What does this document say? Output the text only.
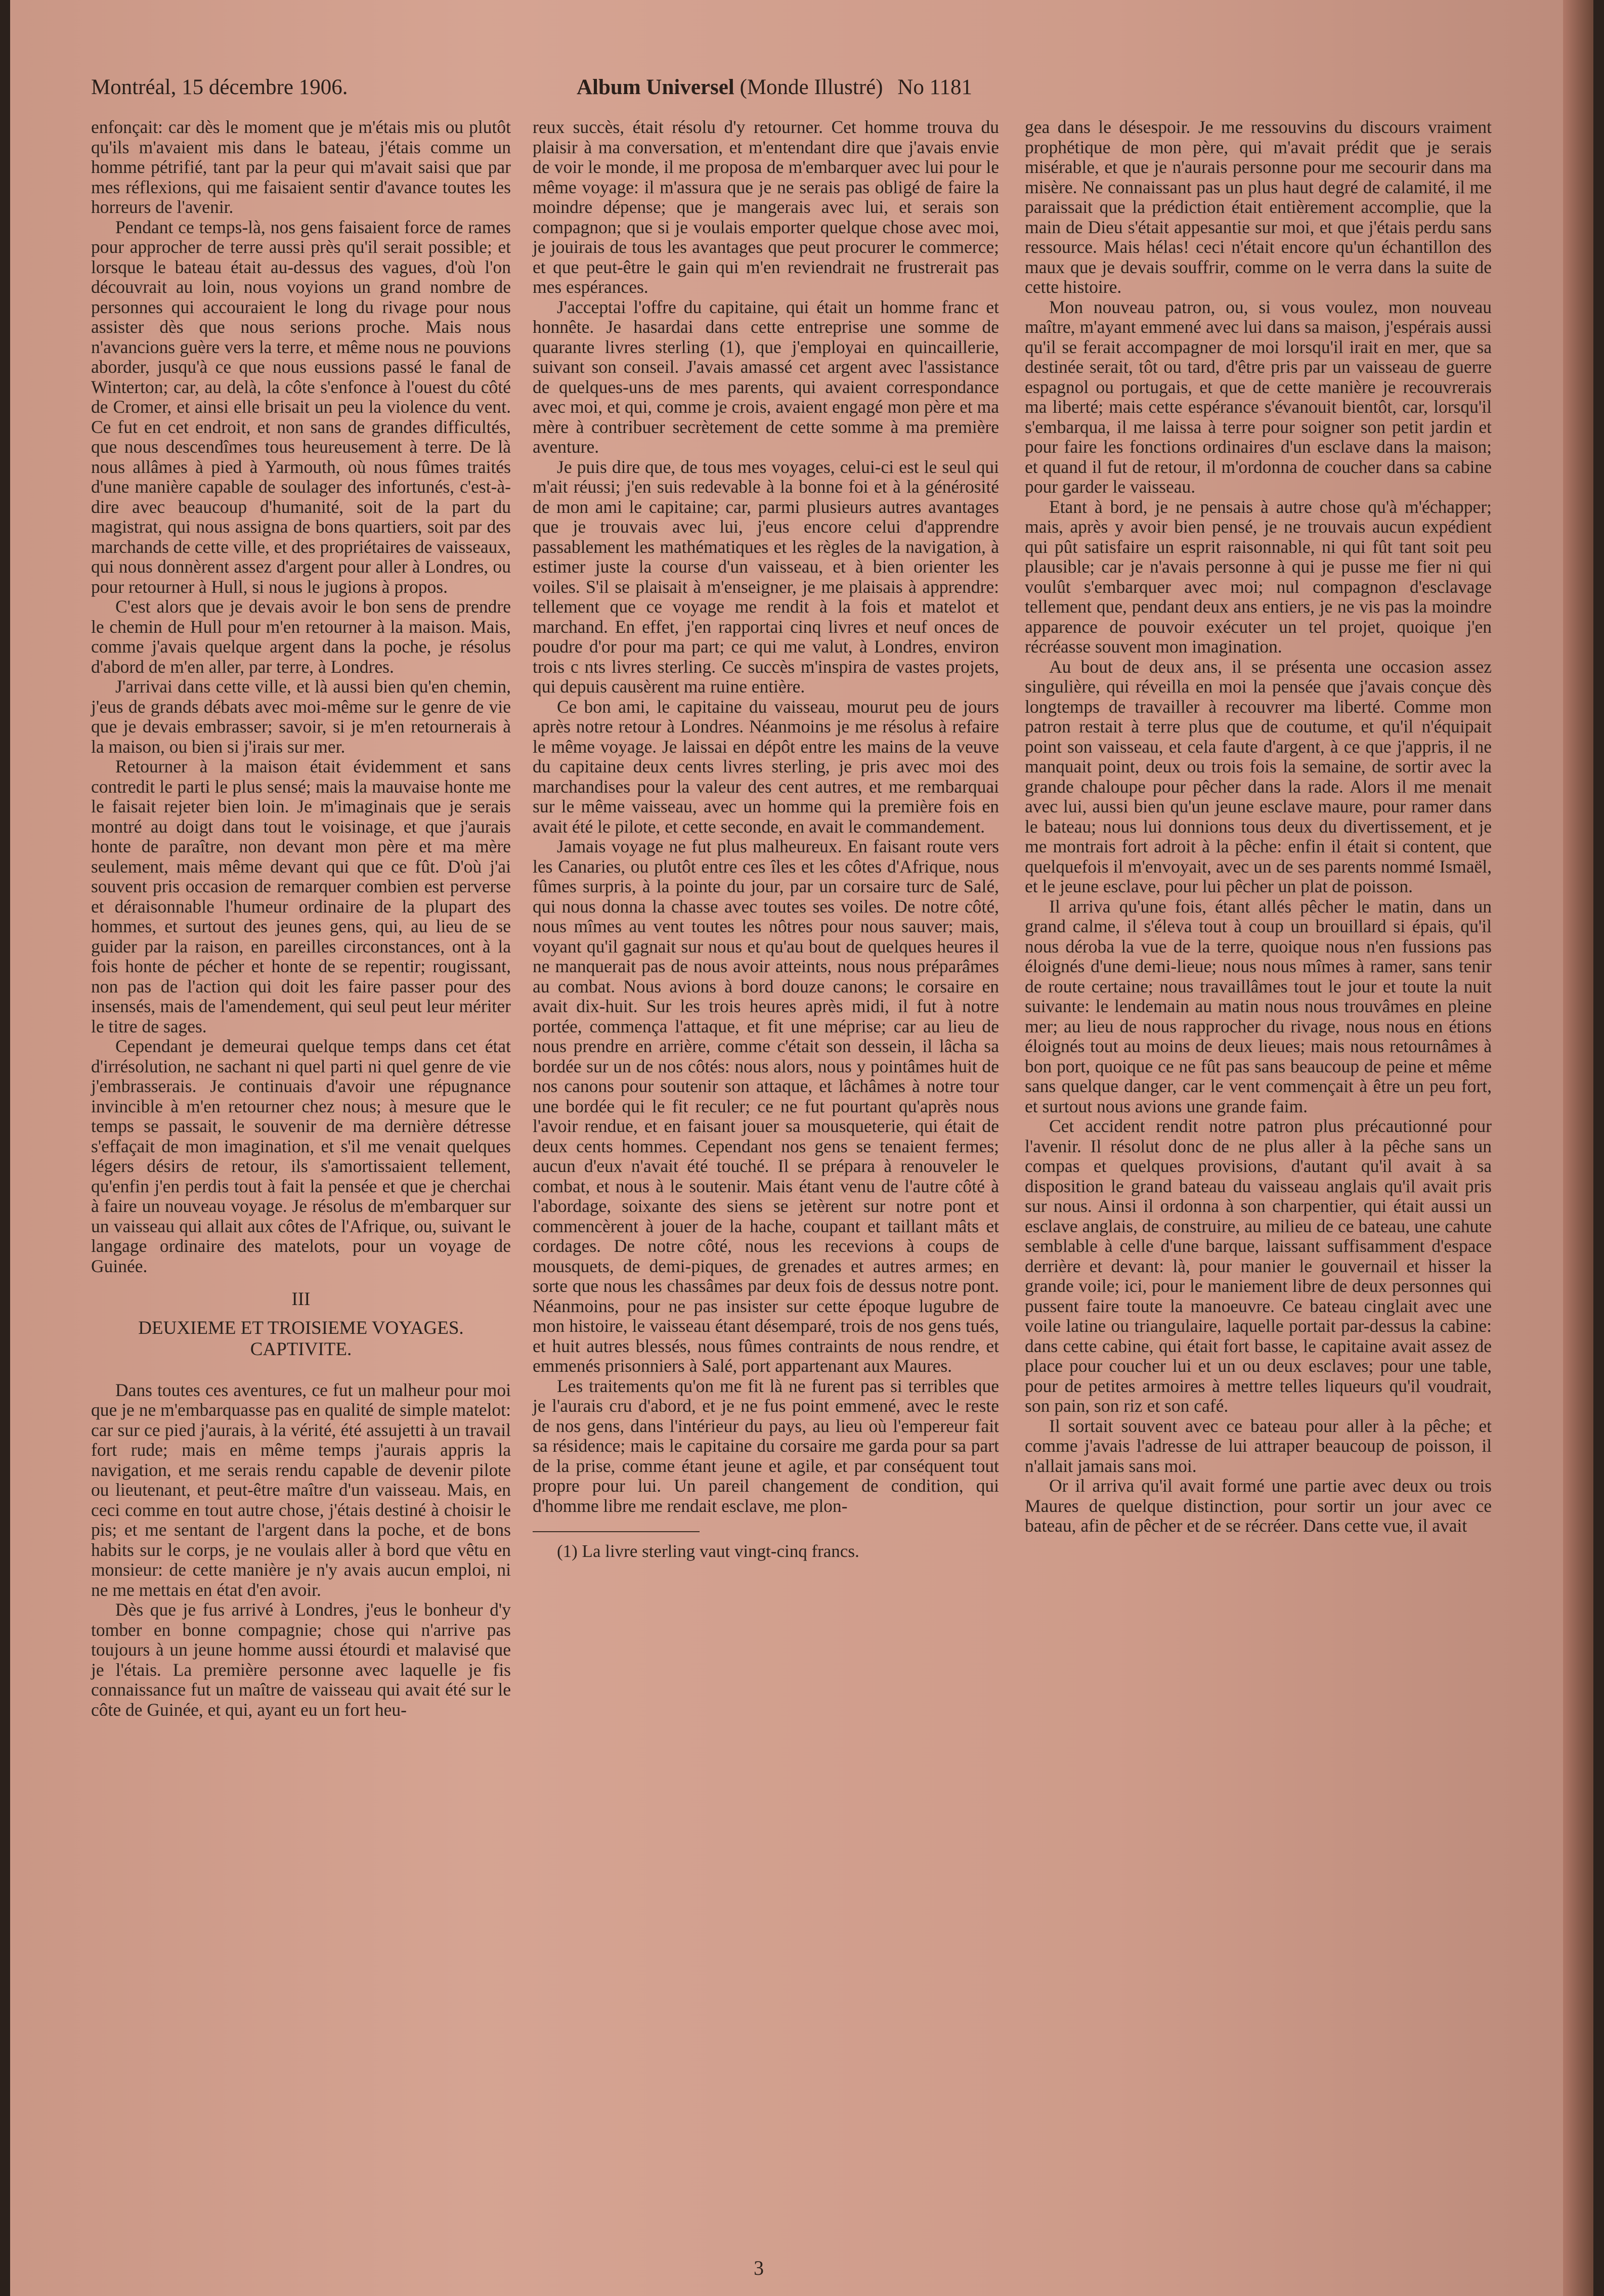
Montréal, 15 décembre 1906.	Album Universel (Monde Illustré) No 1181

enfonçait: car dès le moment que je m'étais mis ou plutôt qu'ils m'avaient mis dans le bateau, j'étais comme un homme pétrifié, tant par la peur qui m'avait saisi que par mes réflexions, qui me faisaient sentir d'avance toutes les horreurs de l'avenir.

Pendant ce temps-là, nos gens faisaient force de rames pour approcher de terre aussi près qu'il serait possible; et lorsque le bateau était au-dessus des vagues, d'où l'on découvrait au loin, nous voyions un grand nombre de personnes qui accouraient le long du rivage pour nous assister dès que nous serions proche. Mais nous n'avancions guère vers la terre, et même nous ne pouvions aborder, jusqu'à ce que nous eussions passé le fanal de Winterton; car, au delà, la côte s'enfonce à l'ouest du côté de Cromer, et ainsi elle brisait un peu la violence du vent. Ce fut en cet endroit, et non sans de grandes difficultés, que nous descendîmes tous heureusement à terre. De là nous allâmes à pied à Yarmouth, où nous fûmes traités d'une manière capable de soulager des infortunés, c'est-à-dire avec beaucoup d'humanité, soit de la part du magistrat, qui nous assigna de bons quartiers, soit par des marchands de cette ville, et des propriétaires de vaisseaux, qui nous donnèrent assez d'argent pour aller à Londres, ou pour retourner à Hull, si nous le jugions à propos.

C'est alors que je devais avoir le bon sens de prendre le chemin de Hull pour m'en retourner à la maison. Mais, comme j'avais quelque argent dans la poche, je résolus d'abord de m'en aller, par terre, à Londres.

J'arrivai dans cette ville, et là aussi bien qu'en chemin, j'eus de grands débats avec moi-même sur le genre de vie que je devais embrasser; savoir, si je m'en retournerais à la maison, ou bien si j'irais sur mer.

Retourner à la maison était évidemment et sans contredit le parti le plus sensé; mais la mauvaise honte me le faisait rejeter bien loin. Je m'imaginais que je serais montré au doigt dans tout le voisinage, et que j'aurais honte de paraître, non devant mon père et ma mère seulement, mais même devant qui que ce fût. D'où j'ai souvent pris occasion de remarquer combien est perverse et déraisonnable l'humeur ordinaire de la plupart des hommes, et surtout des jeunes gens, qui, au lieu de se guider par la raison, en pareilles circonstances, ont à la fois honte de pécher et honte de se repentir; rougissant, non pas de l'action qui doit les faire passer pour des insensés, mais de l'amendement, qui seul peut leur mériter le titre de sages.

Cependant je demeurai quelque temps dans cet état d'irrésolution, ne sachant ni quel parti ni quel genre de vie j'embrasserais. Je continuais d'avoir une répugnance invincible à m'en retourner chez nous; à mesure que le temps se passait, le souvenir de ma dernière détresse s'effaçait de mon imagination, et s'il me venait quelques légers désirs de retour, ils s'amortissaient tellement, qu'enfin j'en perdis tout à fait la pensée et que je cherchai à faire un nouveau voyage. Je résolus de m'embarquer sur un vaisseau qui allait aux côtes de l'Afrique, ou, suivant le langage ordinaire des matelots, pour un voyage de Guinée.

III
DEUXIEME ET TROISIEME VOYAGES. CAPTIVITE.

Dans toutes ces aventures, ce fut un malheur pour moi que je ne m'embarquasse pas en qualité de simple matelot: car sur ce pied j'aurais, à la vérité, été assujetti à un travail fort rude; mais en même temps j'aurais appris la navigation, et me serais rendu capable de devenir pilote ou lieutenant, et peut-être maître d'un vaisseau. Mais, en ceci comme en tout autre chose, j'étais destiné à choisir le pis; et me sentant de l'argent dans la poche, et de bons habits sur le corps, je ne voulais aller à bord que vêtu en monsieur: de cette manière je n'y avais aucun emploi, ni ne me mettais en état d'en avoir.

Dès que je fus arrivé à Londres, j'eus le bonheur d'y tomber en bonne compagnie; chose qui n'arrive pas toujours à un jeune homme aussi étourdi et malavisé que je l'étais. La première personne avec laquelle je fis connaissance fut un maître de vaisseau qui avait été sur le côte de Guinée, et qui, ayant eu un fort heu-

reux succès, était résolu d'y retourner. Cet homme trouva du plaisir à ma conversation, et m'entendant dire que j'avais envie de voir le monde, il me proposa de m'embarquer avec lui pour le même voyage: il m'assura que je ne serais pas obligé de faire la moindre dépense; que je mangerais avec lui, et serais son compagnon; que si je voulais emporter quelque chose avec moi, je jouirais de tous les avantages que peut procurer le commerce; et que peut-être le gain qui m'en reviendrait ne frustrerait pas mes espérances.

J'acceptai l'offre du capitaine, qui était un homme franc et honnête. Je hasardai dans cette entreprise une somme de quarante livres sterling (1), que j'employai en quincaillerie, suivant son conseil. J'avais amassé cet argent avec l'assistance de quelques-uns de mes parents, qui avaient correspondance avec moi, et qui, comme je crois, avaient engagé mon père et ma mère à contribuer secrètement de cette somme à ma première aventure.

Je puis dire que, de tous mes voyages, celui-ci est le seul qui m'ait réussi; j'en suis redevable à la bonne foi et à la générosité de mon ami le capitaine; car, parmi plusieurs autres avantages que je trouvais avec lui, j'eus encore celui d'apprendre passablement les mathématiques et les règles de la navigation, à estimer juste la course d'un vaisseau, et à bien orienter les voiles. S'il se plaisait à m'enseigner, je me plaisais à apprendre: tellement que ce voyage me rendit à la fois et matelot et marchand. En effet, j'en rapportai cinq livres et neuf onces de poudre d'or pour ma part; ce qui me valut, à Londres, environ trois c nts livres sterling. Ce succès m'inspira de vastes projets, qui depuis causèrent ma ruine entière.

Ce bon ami, le capitaine du vaisseau, mourut peu de jours après notre retour à Londres. Néanmoins je me résolus à refaire le même voyage. Je laissai en dépôt entre les mains de la veuve du capitaine deux cents livres sterling, je pris avec moi des marchandises pour la valeur des cent autres, et me rembarquai sur le même vaisseau, avec un homme qui la première fois en avait été le pilote, et cette seconde, en avait le commandement.

Jamais voyage ne fut plus malheureux. En faisant route vers les Canaries, ou plutôt entre ces îles et les côtes d'Afrique, nous fûmes surpris, à la pointe du jour, par un corsaire turc de Salé, qui nous donna la chasse avec toutes ses voiles. De notre côté, nous mîmes au vent toutes les nôtres pour nous sauver; mais, voyant qu'il gagnait sur nous et qu'au bout de quelques heures il ne manquerait pas de nous avoir atteints, nous nous préparâmes au combat. Nous avions à bord douze canons; le corsaire en avait dix-huit. Sur les trois heures après midi, il fut à notre portée, commença l'attaque, et fit une méprise; car au lieu de nous prendre en arrière, comme c'était son dessein, il lâcha sa bordée sur un de nos côtés: nous alors, nous y pointâmes huit de nos canons pour soutenir son attaque, et lâchâmes à notre tour une bordée qui le fit reculer; ce ne fut pourtant qu'après nous l'avoir rendue, et en faisant jouer sa mousqueterie, qui était de deux cents hommes. Cependant nos gens se tenaient fermes; aucun d'eux n'avait été touché. Il se prépara à renouveler le combat, et nous à le soutenir. Mais étant venu de l'autre côté à l'abordage, soixante des siens se jetèrent sur notre pont et commencèrent à jouer de la hache, coupant et taillant mâts et cordages. De notre côté, nous les recevions à coups de mousquets, de demi-piques, de grenades et autres armes; en sorte que nous les chassâmes par deux fois de dessus notre pont. Néanmoins, pour ne pas insister sur cette époque lugubre de mon histoire, le vaisseau étant désemparé, trois de nos gens tués, et huit autres blessés, nous fûmes contraints de nous rendre, et emmenés prisonniers à Salé, port appartenant aux Maures.

Les traitements qu'on me fit là ne furent pas si terribles que je l'aurais cru d'abord, et je ne fus point emmené, avec le reste de nos gens, dans l'intérieur du pays, au lieu où l'empereur fait sa résidence; mais le capitaine du corsaire me garda pour sa part de la prise, comme étant jeune et agile, et par conséquent tout propre pour lui. Un pareil changement de condition, qui d'homme libre me rendait esclave, me plon-

(1) La livre sterling vaut vingt-cinq francs.

gea dans le désespoir. Je me ressouvins du discours vraiment prophétique de mon père, qui m'avait prédit que je serais misérable, et que je n'aurais personne pour me secourir dans ma misère. Ne connaissant pas un plus haut degré de calamité, il me paraissait que la prédiction était entièrement accomplie, que la main de Dieu s'était appesantie sur moi, et que j'étais perdu sans ressource. Mais hélas! ceci n'était encore qu'un échantillon des maux que je devais souffrir, comme on le verra dans la suite de cette histoire.

Mon nouveau patron, ou, si vous voulez, mon nouveau maître, m'ayant emmené avec lui dans sa maison, j'espérais aussi qu'il se ferait accompagner de moi lorsqu'il irait en mer, que sa destinée serait, tôt ou tard, d'être pris par un vaisseau de guerre espagnol ou portugais, et que de cette manière je recouvrerais ma liberté; mais cette espérance s'évanouit bientôt, car, lorsqu'il s'embarqua, il me laissa à terre pour soigner son petit jardin et pour faire les fonctions ordinaires d'un esclave dans la maison; et quand il fut de retour, il m'ordonna de coucher dans sa cabine pour garder le vaisseau.

Etant à bord, je ne pensais à autre chose qu'à m'échapper; mais, après y avoir bien pensé, je ne trouvais aucun expédient qui pût satisfaire un esprit raisonnable, ni qui fût tant soit peu plausible; car je n'avais personne à qui je pusse me fier ni qui voulût s'embarquer avec moi; nul compagnon d'esclavage tellement que, pendant deux ans entiers, je ne vis pas la moindre apparence de pouvoir exécuter un tel projet, quoique j'en récréasse souvent mon imagination.

Au bout de deux ans, il se présenta une occasion assez singulière, qui réveilla en moi la pensée que j'avais conçue dès longtemps de travailler à recouvrer ma liberté. Comme mon patron restait à terre plus que de coutume, et qu'il n'équipait point son vaisseau, et cela faute d'argent, à ce que j'appris, il ne manquait point, deux ou trois fois la semaine, de sortir avec la grande chaloupe pour pêcher dans la rade. Alors il me menait avec lui, aussi bien qu'un jeune esclave maure, pour ramer dans le bateau; nous lui donnions tous deux du divertissement, et je me montrais fort adroit à la pêche: enfin il était si content, que quelquefois il m'envoyait, avec un de ses parents nommé Ismaël, et le jeune esclave, pour lui pêcher un plat de poisson.

Il arriva qu'une fois, étant allés pêcher le matin, dans un grand calme, il s'éleva tout à coup un brouillard si épais, qu'il nous déroba la vue de la terre, quoique nous n'en fussions pas éloignés d'une demi-lieue; nous nous mîmes à ramer, sans tenir de route certaine; nous travaillâmes tout le jour et toute la nuit suivante: le lendemain au matin nous nous trouvâmes en pleine mer; au lieu de nous rapprocher du rivage, nous nous en étions éloignés tout au moins de deux lieues; mais nous retournâmes à bon port, quoique ce ne fût pas sans beaucoup de peine et même sans quelque danger, car le vent commençait à être un peu fort, et surtout nous avions une grande faim.

Cet accident rendit notre patron plus précautionné pour l'avenir. Il résolut donc de ne plus aller à la pêche sans un compas et quelques provisions, d'autant qu'il avait à sa disposition le grand bateau du vaisseau anglais qu'il avait pris sur nous. Ainsi il ordonna à son charpentier, qui était aussi un esclave anglais, de construire, au milieu de ce bateau, une cahute semblable à celle d'une barque, laissant suffisamment d'espace derrière et devant: là, pour manier le gouvernail et hisser la grande voile; ici, pour le maniement libre de deux personnes qui pussent faire toute la manoeuvre. Ce bateau cinglait avec une voile latine ou triangulaire, laquelle portait par-dessus la cabine: dans cette cabine, qui était fort basse, le capitaine avait assez de place pour coucher lui et un ou deux esclaves; pour une table, pour de petites armoires à mettre telles liqueurs qu'il voudrait, son pain, son riz et son café.

Il sortait souvent avec ce bateau pour aller à la pêche; et comme j'avais l'adresse de lui attraper beaucoup de poisson, il n'allait jamais sans moi.

Or il arriva qu'il avait formé une partie avec deux ou trois Maures de quelque distinction, pour sortir un jour avec ce bateau, afin de pêcher et de se récréer. Dans cette vue, il avait

3
